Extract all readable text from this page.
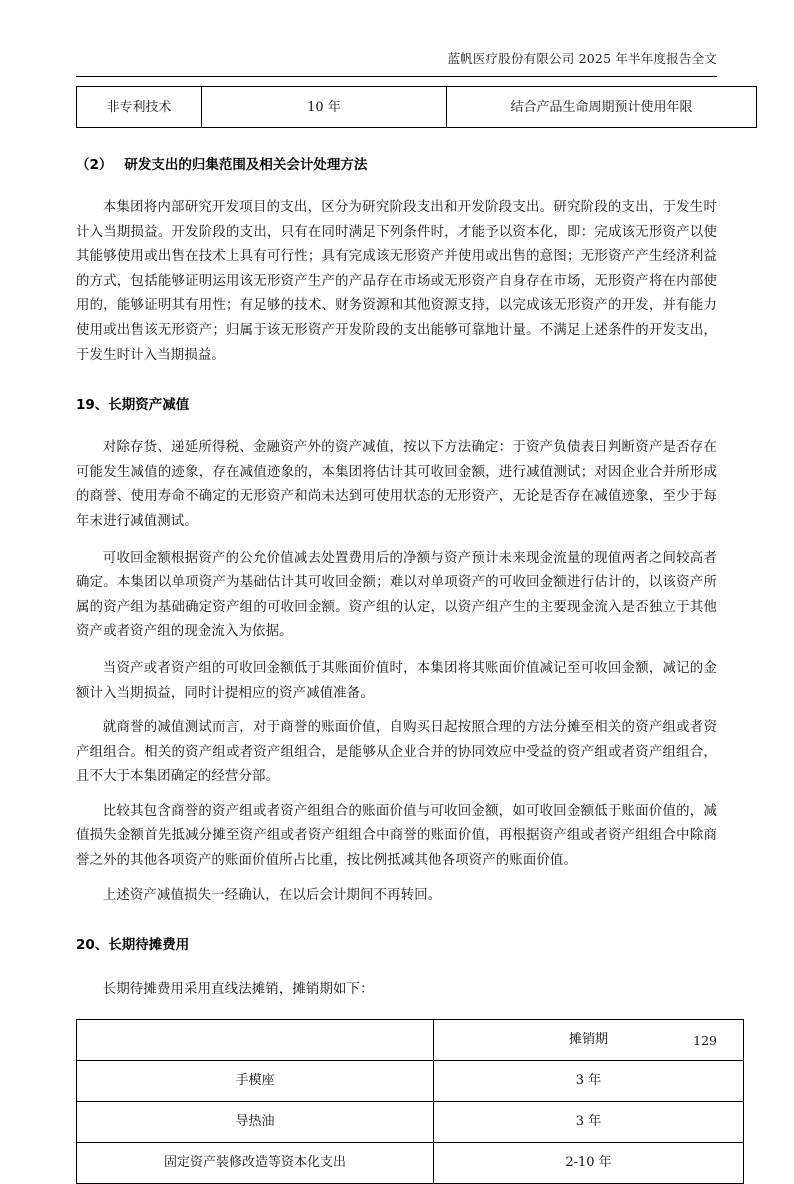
蓝帆医疗股份有限公司 2025 年半年度报告全文
非专利技术	10 年	结合产品生命周期预计使用年限
（2） 研发支出的归集范围及相关会计处理方法

本集团将内部研究开发项目的支出，区分为研究阶段支出和开发阶段支出。研究阶段的支出，于发生时计入当期损益。开发阶段的支出，只有在同时满足下列条件时，才能予以资本化，即：完成该无形资产以使其能够使用或出售在技术上具有可行性；具有完成该无形资产并使用或出售的意图；无形资产产生经济利益的方式，包括能够证明运用该无形资产生产的产品存在市场或无形资产自身存在市场，无形资产将在内部使用的，能够证明其有用性；有足够的技术、财务资源和其他资源支持，以完成该无形资产的开发，并有能力使用或出售该无形资产；归属于该无形资产开发阶段的支出能够可靠地计量。不满足上述条件的开发支出，于发生时计入当期损益。

19、长期资产减值

对除存货、递延所得税、金融资产外的资产减值，按以下方法确定：于资产负债表日判断资产是否存在可能发生减值的迹象，存在减值迹象的，本集团将估计其可收回金额，进行减值测试；对因企业合并所形成的商誉、使用寿命不确定的无形资产和尚未达到可使用状态的无形资产，无论是否存在减值迹象，至少于每年末进行减值测试。

可收回金额根据资产的公允价值减去处置费用后的净额与资产预计未来现金流量的现值两者之间较高者确定。本集团以单项资产为基础估计其可收回金额；难以对单项资产的可收回金额进行估计的，以该资产所属的资产组为基础确定资产组的可收回金额。资产组的认定，以资产组产生的主要现金流入是否独立于其他资产或者资产组的现金流入为依据。

当资产或者资产组的可收回金额低于其账面价值时，本集团将其账面价值减记至可收回金额，减记的金额计入当期损益，同时计提相应的资产减值准备。

就商誉的减值测试而言，对于商誉的账面价值，自购买日起按照合理的方法分摊至相关的资产组或者资产组组合。相关的资产组或者资产组组合，是能够从企业合并的协同效应中受益的资产组或者资产组组合，且不大于本集团确定的经营分部。

比较其包含商誉的资产组或者资产组组合的账面价值与可收回金额，如可收回金额低于账面价值的，减值损失金额首先抵减分摊至资产组或者资产组组合中商誉的账面价值，再根据资产组或者资产组组合中除商誉之外的其他各项资产的账面价值所占比重，按比例抵减其他各项资产的账面价值。

上述资产减值损失一经确认，在以后会计期间不再转回。

20、长期待摊费用

长期待摊费用采用直线法摊销，摊销期如下：

	摊销期
手模座	3 年
导热油	3 年
固定资产装修改造等资本化支出	2-10 年
129
